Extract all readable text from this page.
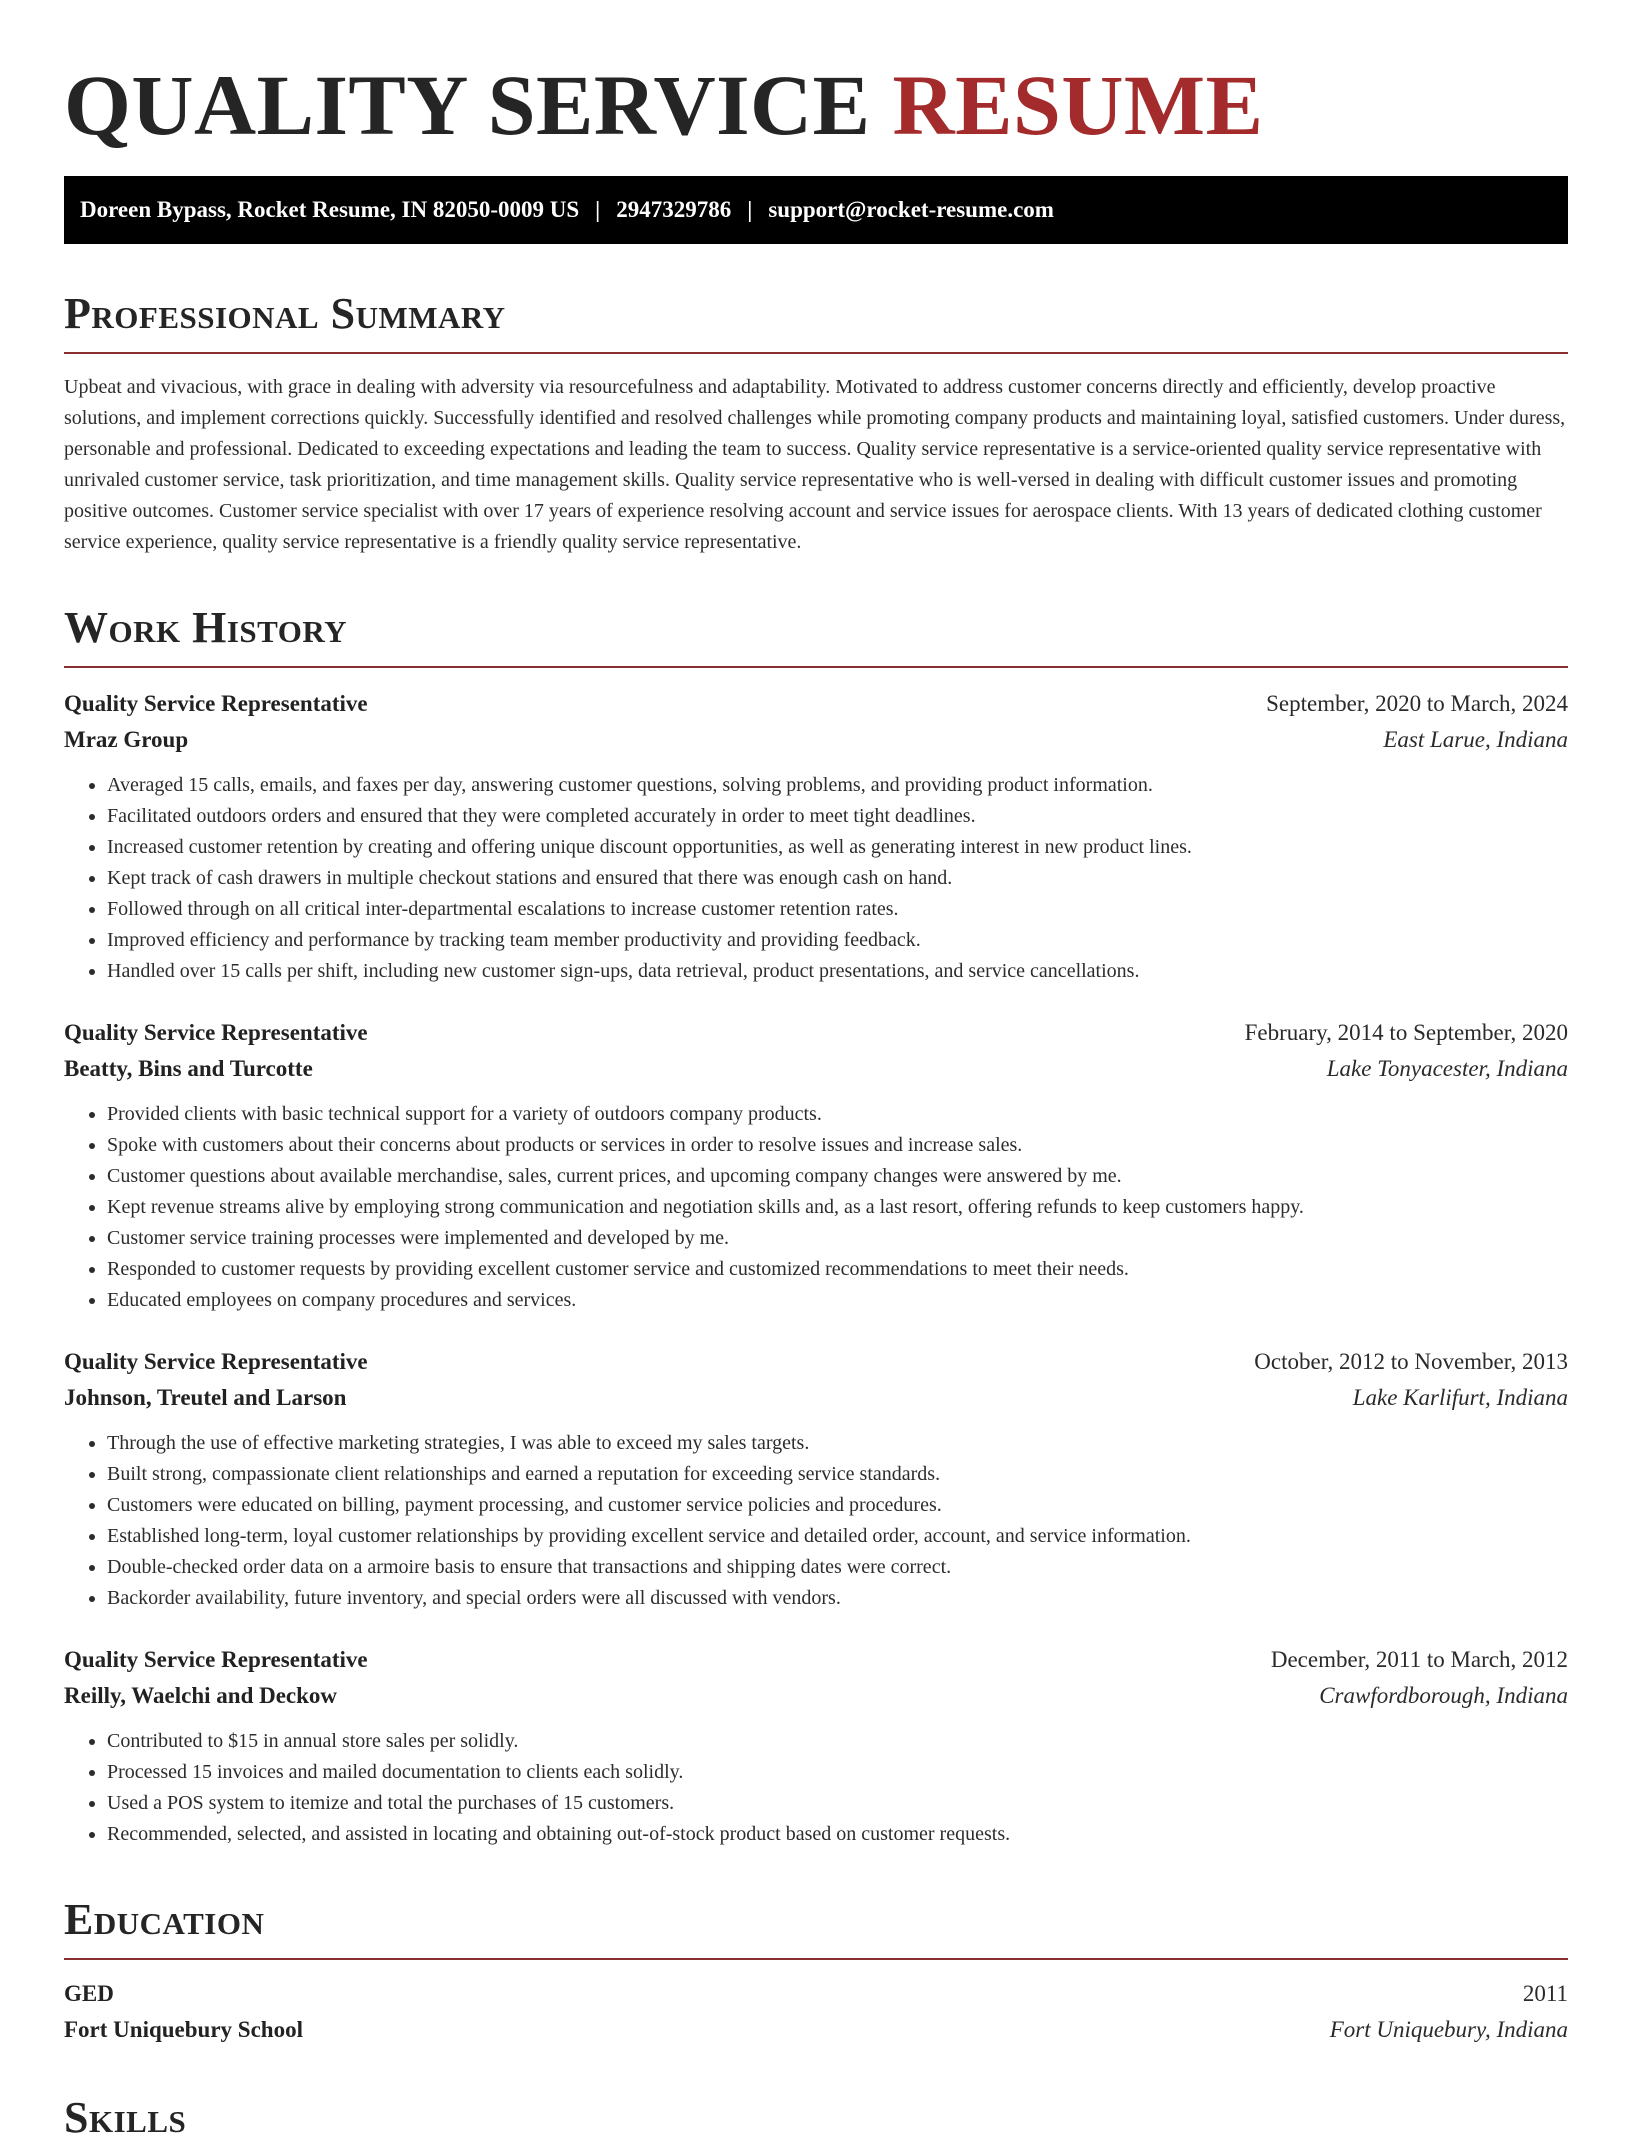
QUALITY SERVICE RESUME
Doreen Bypass, Rocket Resume, IN 82050-0009 US | 2947329786 | support@rocket-resume.com
Professional Summary

Upbeat and vivacious, with grace in dealing with adversity via resourcefulness and adaptability. Motivated to address customer concerns directly and efficiently, develop proactive solutions, and implement corrections quickly. Successfully identified and resolved challenges while promoting company products and maintaining loyal, satisfied customers. Under duress, personable and professional. Dedicated to exceeding expectations and leading the team to success. Quality service representative is a service-oriented quality service representative with unrivaled customer service, task prioritization, and time management skills. Quality service representative who is well-versed in dealing with difficult customer issues and promoting positive outcomes. Customer service specialist with over 17 years of experience resolving account and service issues for aerospace clients. With 13 years of dedicated clothing customer service experience, quality service representative is a friendly quality service representative.

Work History
Quality Service Representative	September, 2020 to March, 2024
Mraz Group	East Larue, Indiana
• Averaged 15 calls, emails, and faxes per day, answering customer questions, solving problems, and providing product information.
• Facilitated outdoors orders and ensured that they were completed accurately in order to meet tight deadlines.
• Increased customer retention by creating and offering unique discount opportunities, as well as generating interest in new product lines.
• Kept track of cash drawers in multiple checkout stations and ensured that there was enough cash on hand.
• Followed through on all critical inter-departmental escalations to increase customer retention rates.
• Improved efficiency and performance by tracking team member productivity and providing feedback.
• Handled over 15 calls per shift, including new customer sign-ups, data retrieval, product presentations, and service cancellations.
Quality Service Representative	February, 2014 to September, 2020
Beatty, Bins and Turcotte	Lake Tonyacester, Indiana
• Provided clients with basic technical support for a variety of outdoors company products.
• Spoke with customers about their concerns about products or services in order to resolve issues and increase sales.
• Customer questions about available merchandise, sales, current prices, and upcoming company changes were answered by me.
• Kept revenue streams alive by employing strong communication and negotiation skills and, as a last resort, offering refunds to keep customers happy.
• Customer service training processes were implemented and developed by me.
• Responded to customer requests by providing excellent customer service and customized recommendations to meet their needs.
• Educated employees on company procedures and services.
Quality Service Representative	October, 2012 to November, 2013
Johnson, Treutel and Larson	Lake Karlifurt, Indiana
• Through the use of effective marketing strategies, I was able to exceed my sales targets.
• Built strong, compassionate client relationships and earned a reputation for exceeding service standards.
• Customers were educated on billing, payment processing, and customer service policies and procedures.
• Established long-term, loyal customer relationships by providing excellent service and detailed order, account, and service information.
• Double-checked order data on a armoire basis to ensure that transactions and shipping dates were correct.
• Backorder availability, future inventory, and special orders were all discussed with vendors.
Quality Service Representative	December, 2011 to March, 2012
Reilly, Waelchi and Deckow	Crawfordborough, Indiana
• Contributed to $15 in annual store sales per solidly.
• Processed 15 invoices and mailed documentation to clients each solidly.
• Used a POS system to itemize and total the purchases of 15 customers.
• Recommended, selected, and assisted in locating and obtaining out-of-stock product based on customer requests.
Education
GED	2011
Fort Uniquebury School	Fort Uniquebury, Indiana
Skills
